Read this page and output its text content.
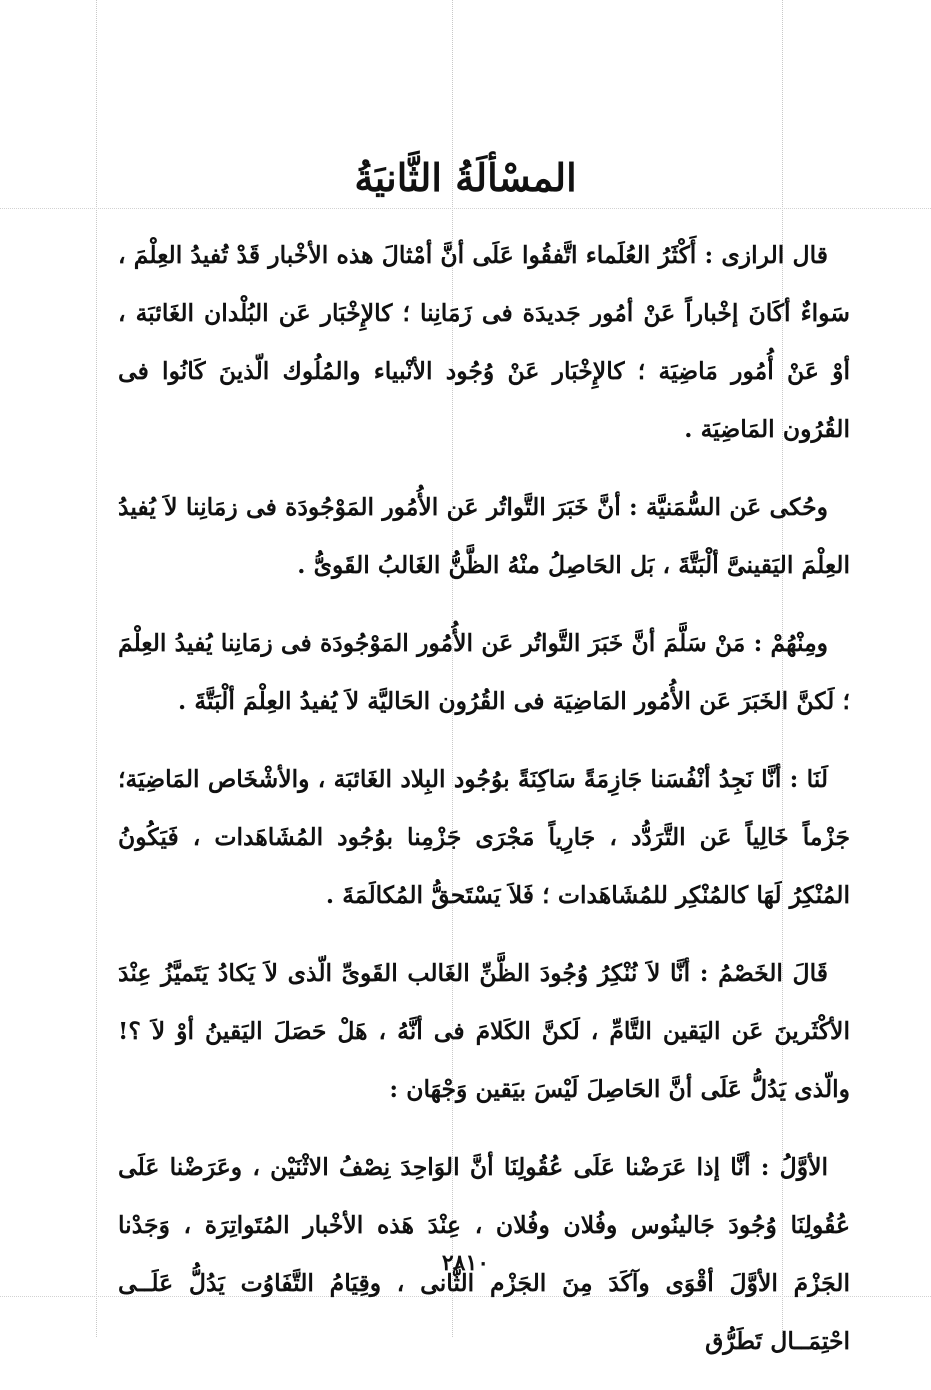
المسْألَةُ الثَّانيَةُ

قال الرازى : أَكْثَرُ العُلَماء اتَّفقُوا عَلَى أنَّ أمْثالَ هذه الأخْبار قَدْ تُفيدُ العِلْمَ ، سَواءٌ أكَانَ إخْباراً عَنْ أمُور جَديدَة فى زَمَانِنا ؛ كالإِخْبَار عَن البُلْدان الغَائبَة ، أوْ عَنْ أُمُور مَاضِيَة ؛ كالإِخْبَار عَنْ وُجُود الأنْبياء والمُلُوك الّذينَ كَانُوا فى القُرُون المَاضِيَة .

وحُكى عَن السُّمَنيَّة : أنَّ خَبَرَ التَّواتُر عَن الأُمُور المَوْجُودَة فى زمَانِنا لاَ يُفيدُ العِلْمَ اليَقينىَّ ألْبَتَّةَ ، بَل الحَاصِلُ منْهُ الظَّنُّ الغَالبُ القَوىُّ .

ومِنْهُمْ : مَنْ سَلَّمَ أنَّ خَبَرَ التَّواتُر عَن الأُمُور المَوْجُودَة فى زمَانِنا يُفيدُ العِلْمَ ؛ لَكنَّ الخَبَرَ عَن الأُمُور المَاضِيَة فى القُرُون الحَاليَّة لاَ يُفيدُ العِلْمَ ألْبَتَّةَ .

لَنَا : أنَّا نَجِدُ أنْفُسَنا جَازِمَةً سَاكِنَةً بوُجُود البِلاد الغَائبَة ، والأشْخَاص المَاضِيَة؛ جَزْماً خَالِياً عَن التَّرَدُّد ، جَارِياً مَجْرَى جَزْمِنا بوُجُود المُشَاهَدات ، فَيَكُونُ المُنْكِرُ لَهَا كالمُنْكِر للمُشَاهَدات ؛ فَلاَ يَسْتَحقُّ المُكالَمَةَ .

قَالَ الخَصْمُ : أنَّا لاَ نُنْكِرُ وُجُودَ الظَّنِّ الغَالب القَوىِّ الّذى لاَ يَكادُ يَتَميَّزُ عِنْدَ الأكْثَرينَ عَن اليَقين التَّامِّ ، لَكنَّ الكَلامَ فى أنَّهُ ، هَلْ حَصَلَ اليَقينُ أوْ لاَ ؟! والّذى يَدُلُّ عَلَى أنَّ الحَاصِلَ لَيْسَ بيَقين وَجْهَان :

الأوَّلُ : أنَّا إذا عَرَضْنا عَلَى عُقُولِنَا أنَّ الوَاحِدَ نِصْفُ الاثْنَيْن ، وعَرَضْنا عَلَى عُقُولِنَا وُجُودَ جَالينُوس وفُلان وفُلان ، عِنْدَ هَذه الأخْبار المُتَواتِرَة ، وَجَدْنا الجَزْمَ الأوَّلَ أقْوَى وآكَدَ مِنَ الجَزْم الثَّانى ، وقِيَامُ التَّفَاوُت يَدُلُّ عَلَــى احْتِمَــال تَطَرُّق

٢٨١٠
